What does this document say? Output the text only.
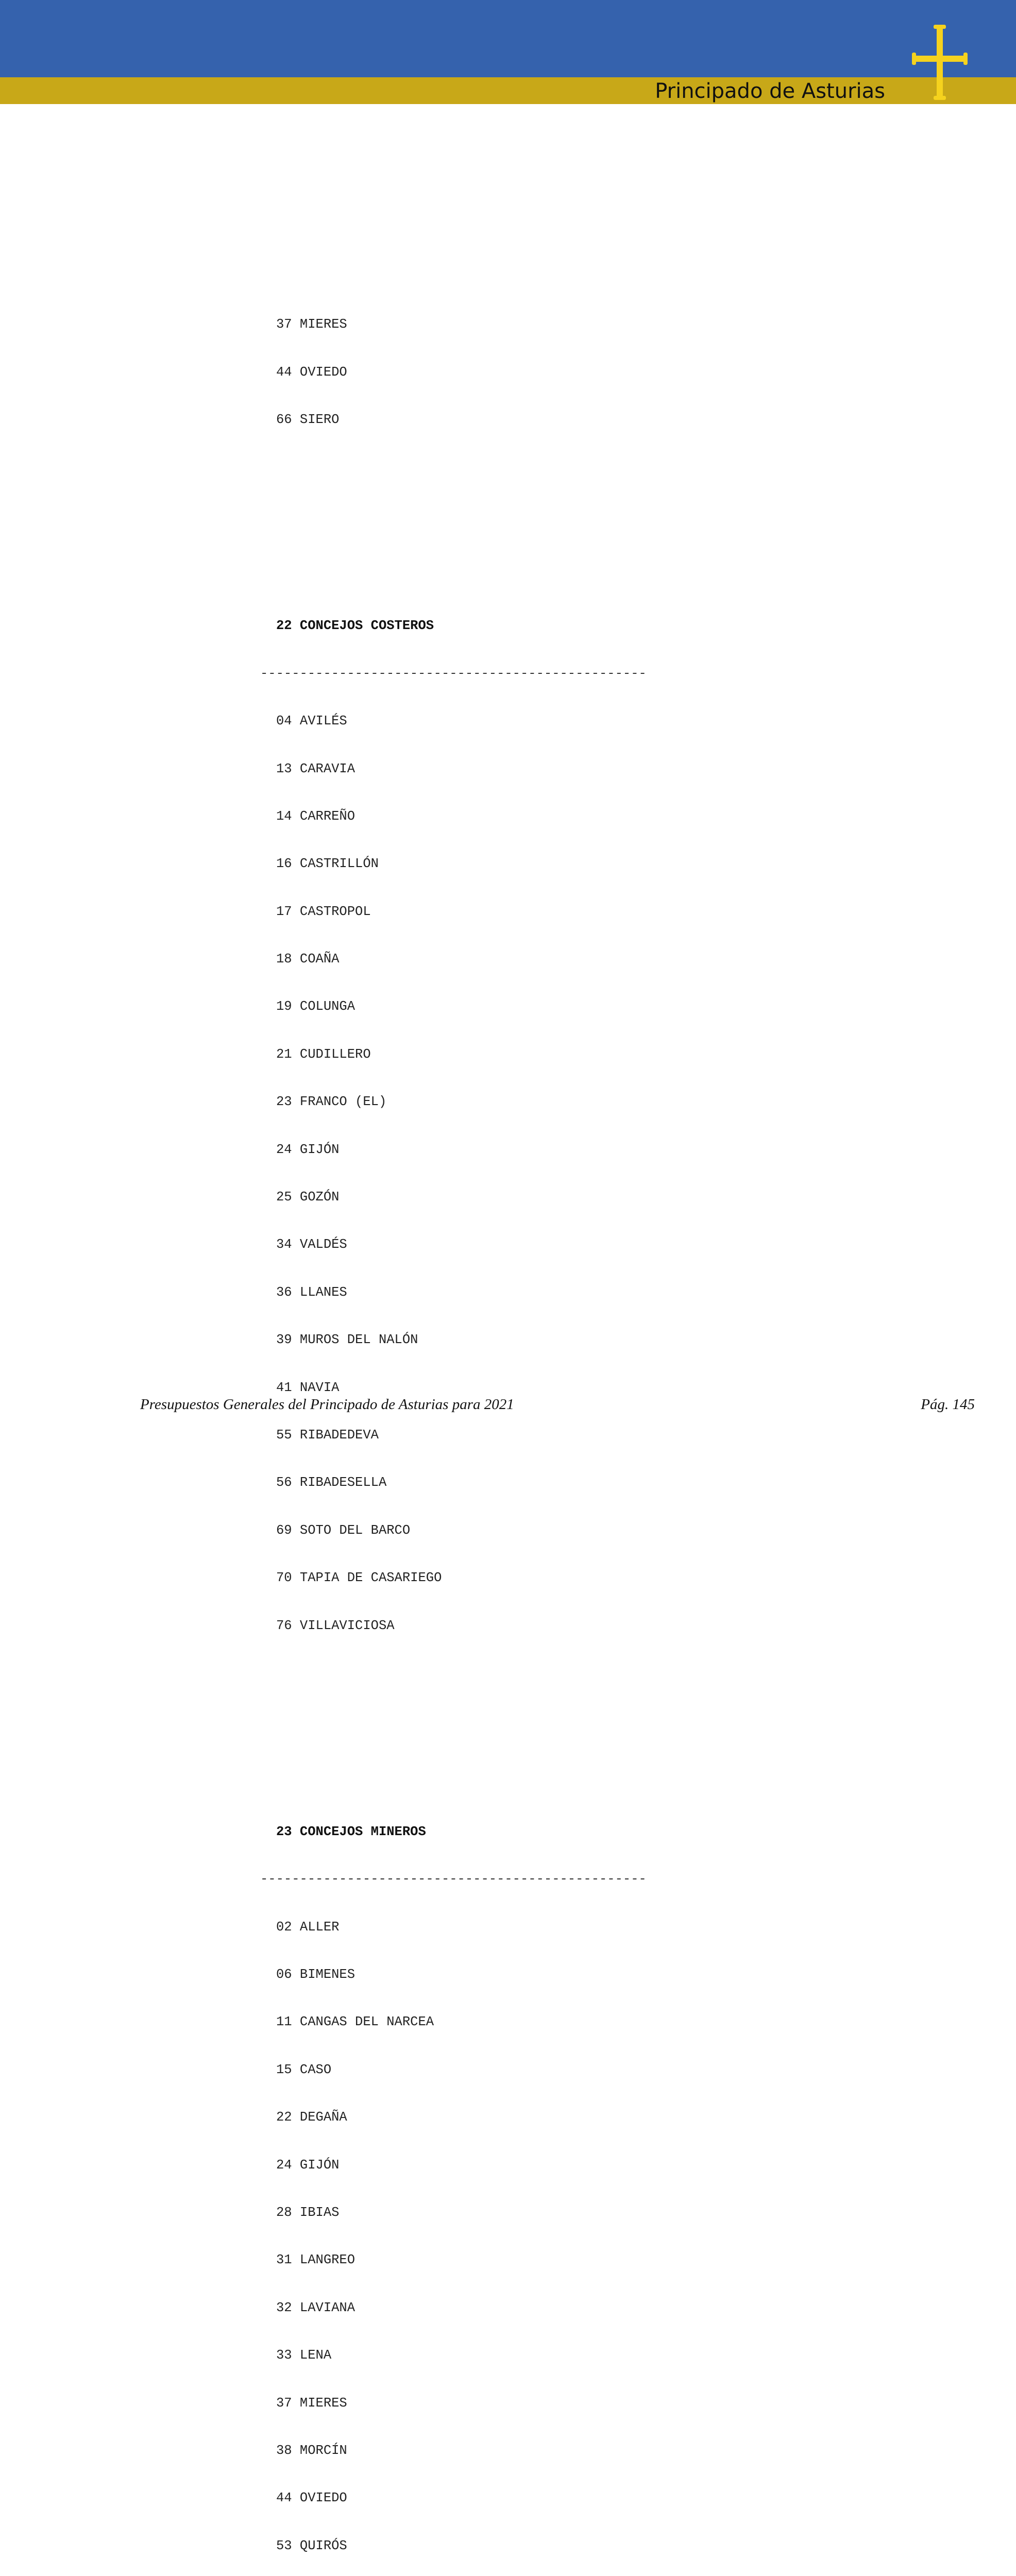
Principado de Asturias
A ω

37 MIERES

44 OVIEDO

66 SIERO

22 CONCEJOS COSTEROS

-------------------------------------------------

04 AVILÉS

13 CARAVIA

14 CARREÑO

16 CASTRILLÓN

17 CASTROPOL

18 COAÑA

19 COLUNGA

21 CUDILLERO

23 FRANCO (EL)

24 GIJÓN

25 GOZÓN

34 VALDÉS

36 LLANES

39 MUROS DEL NALÓN

41 NAVIA

55 RIBADEDEVA

56 RIBADESELLA

69 SOTO DEL BARCO

70 TAPIA DE CASARIEGO

76 VILLAVICIOSA

23 CONCEJOS MINEROS

-------------------------------------------------

02 ALLER

06 BIMENES

11 CANGAS DEL NARCEA

15 CASO

22 DEGAÑA

24 GIJÓN

28 IBIAS

31 LANGREO

32 LAVIANA

33 LENA

37 MIERES

38 MORCÍN

44 OVIEDO

53 QUIRÓS

Presupuestos Generales del Principado de Asturias para 2021	Pág. 145
